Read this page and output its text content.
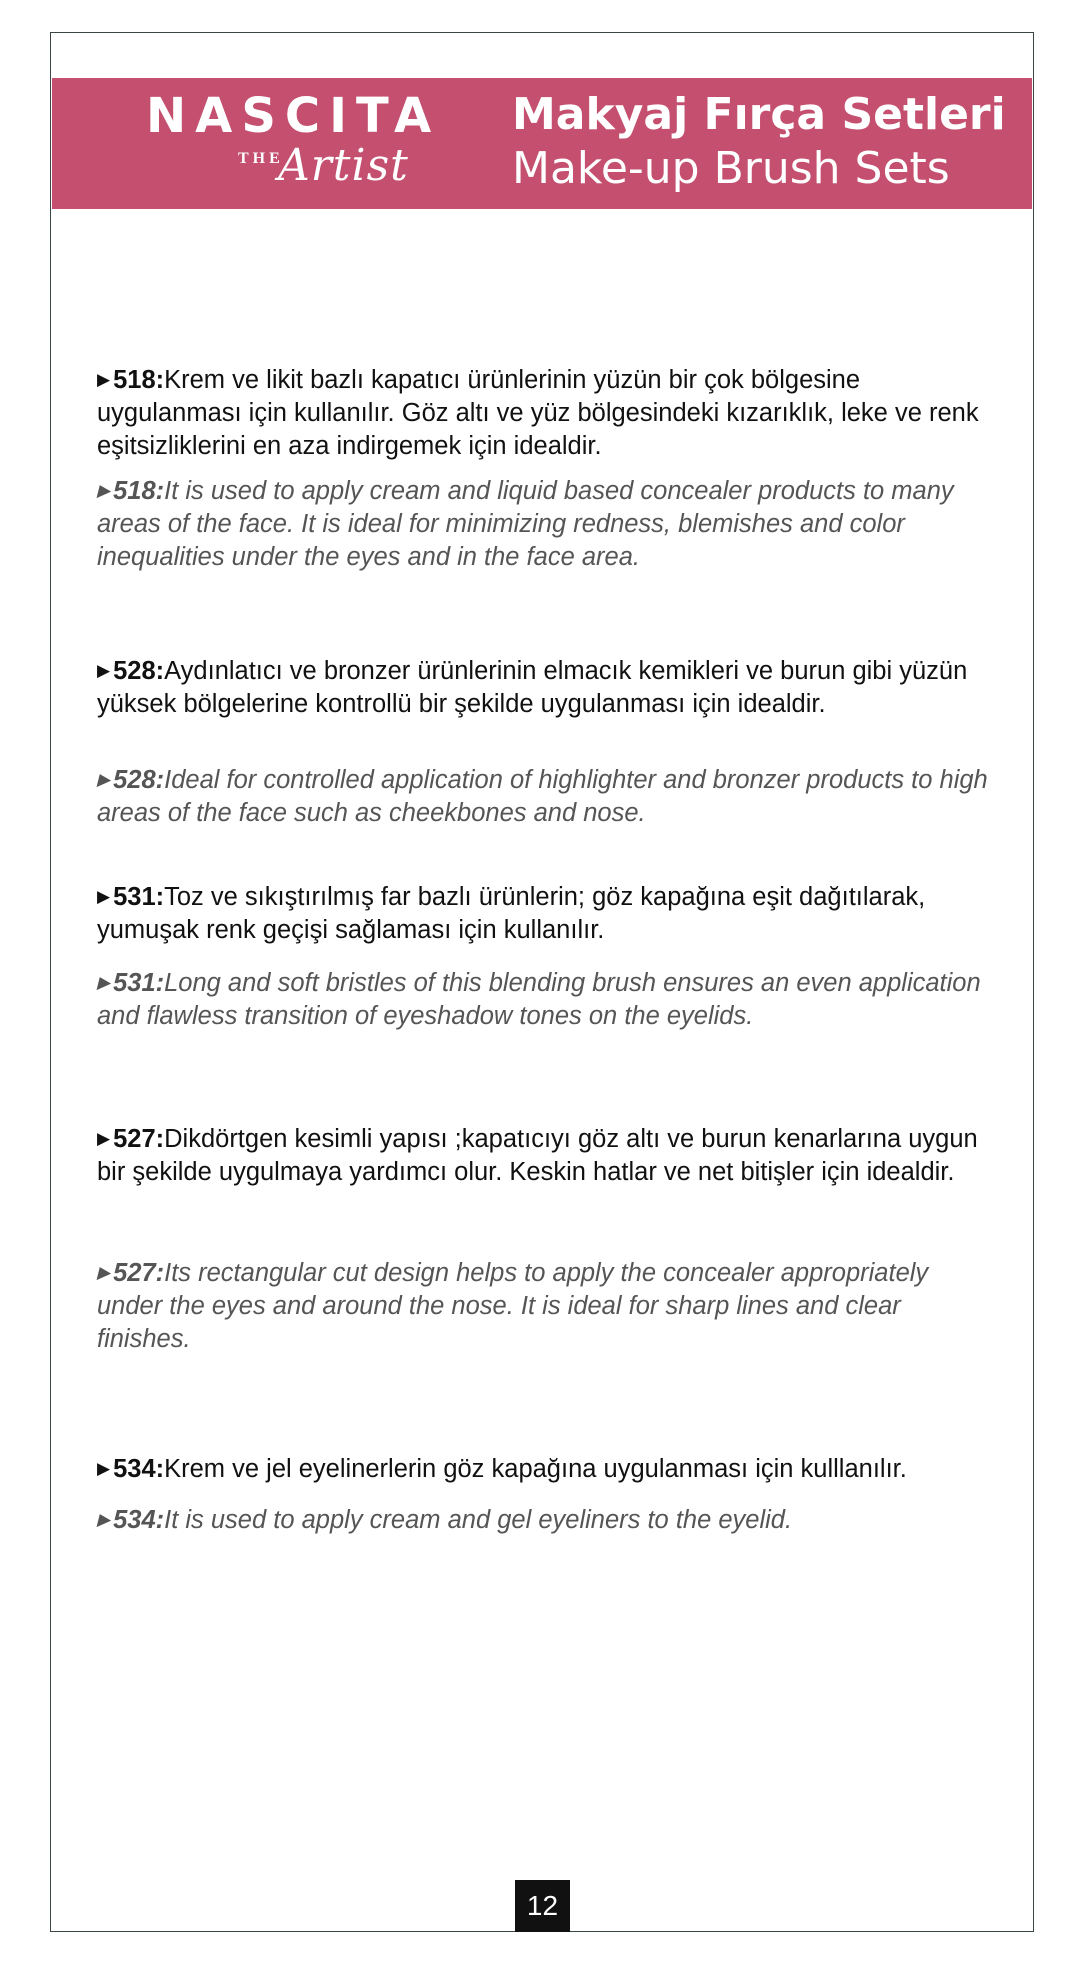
NASCITA
THE
Artist
Makyaj Fırça Setleri
Make-up Brush Sets

▶ 518:Krem ve likit bazlı kapatıcı ürünlerinin yüzün bir çok bölgesine uygulanması için kullanılır. Göz altı ve yüz bölgesindeki kızarıklık, leke ve renk eşitsizliklerini en aza indirgemek için idealdir.

▶ 518:It is used to apply cream and liquid based concealer products to many areas of the face. It is ideal for minimizing redness, blemishes and color inequalities under the eyes and in the face area.

▶ 528:Aydınlatıcı ve bronzer ürünlerinin elmacık kemikleri ve burun gibi yüzün yüksek bölgelerine kontrollü bir şekilde uygulanması için idealdir.

▶ 528:Ideal for controlled application of highlighter and bronzer products to high areas of the face such as cheekbones and nose.

▶ 531:Toz ve sıkıştırılmış far bazlı ürünlerin; göz kapağına eşit dağıtılarak, yumuşak renk geçişi sağlaması için kullanılır.

▶ 531:Long and soft bristles of this blending brush ensures an even application and flawless transition of eyeshadow tones on the eyelids.

▶ 527:Dikdörtgen kesimli yapısı ;kapatıcıyı göz altı ve burun kenarlarına uygun bir şekilde uygulmaya yardımcı olur. Keskin hatlar ve net bitişler için idealdir.

▶ 527:Its rectangular cut design helps to apply the concealer appropriately under the eyes and around the nose. It is ideal for sharp lines and clear finishes.

▶ 534:Krem ve jel eyelinerlerin göz kapağına uygulanması için kulllanılır.

▶ 534:It is used to apply cream and gel eyeliners to the eyelid.

12
